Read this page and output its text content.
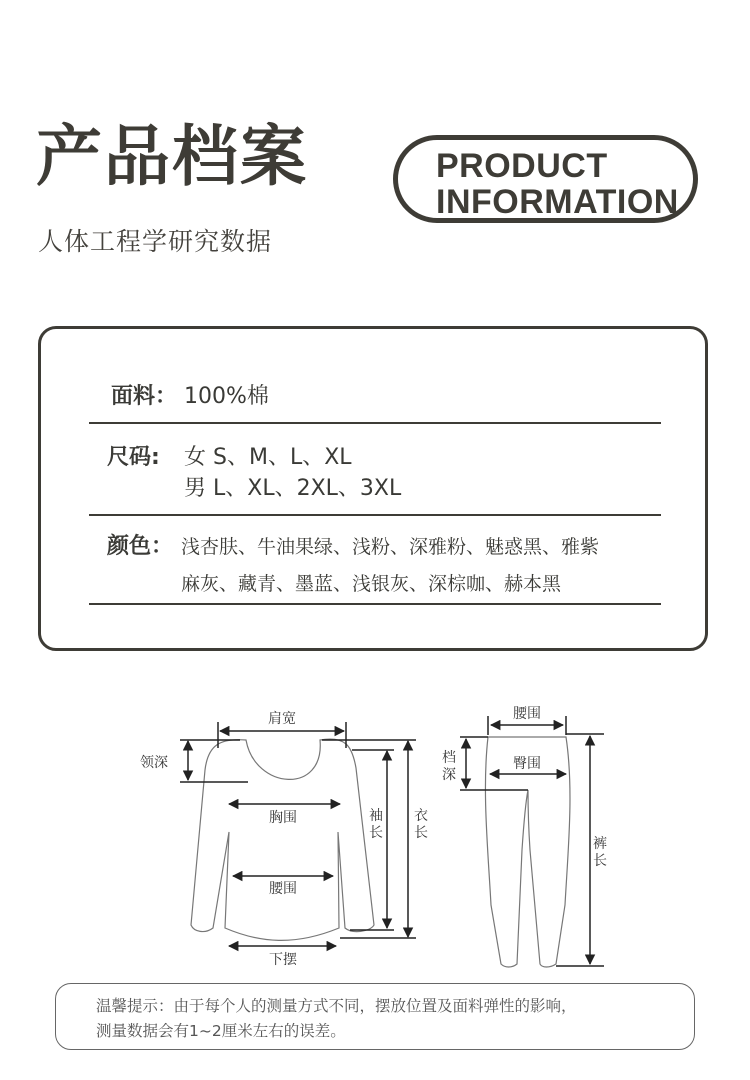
产品档案
人体工程学研究数据
PRODUCT
INFORMATION
面料： 100%棉
尺码: 女 S、M、L、XL
男 L、XL、2XL、3XL
颜色： 浅杏肤、牛油果绿、浅粉、深雅粉、魅惑黑、雅紫
麻灰、藏青、墨蓝、浅银灰、深棕咖、赫本黑
肩宽
领深
胸围
腰围
下摆
袖
长
衣
长
腰围
臀围
档
深
裤
长
温馨提示：由于每个人的测量方式不同，摆放位置及面料弹性的影响，
测量数据会有1~2厘米左右的误差。
